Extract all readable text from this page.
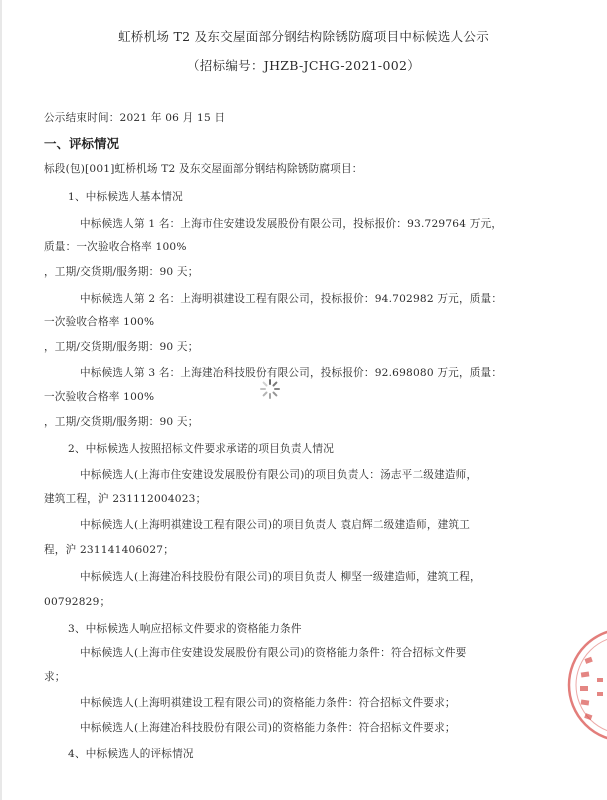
虹桥机场 T2 及东交屋面部分钢结构除锈防腐项目中标候选人公示
（招标编号：JHZB-JCHG-2021-002）
公示结束时间：2021 年 06 月 15 日
一、评标情况
标段(包)[001]虹桥机场 T2 及东交屋面部分钢结构除锈防腐项目：
1、中标候选人基本情况
中标候选人第 1 名：上海市住安建设发展股份有限公司，投标报价：93.729764 万元，
质量：一次验收合格率 100%
，工期/交货期/服务期：90 天；
中标候选人第 2 名：上海明祺建设工程有限公司，投标报价：94.702982 万元，质量：
一次验收合格率 100%
，工期/交货期/服务期：90 天；
中标候选人第 3 名：上海建冶科技股份有限公司，投标报价：92.698080 万元，质量：
一次验收合格率 100%
，工期/交货期/服务期：90 天；
2、中标候选人按照招标文件要求承诺的项目负责人情况
中标候选人(上海市住安建设发展股份有限公司)的项目负责人：汤志平二级建造师，
建筑工程，沪 231112004023；
中标候选人(上海明祺建设工程有限公司)的项目负责人 袁启辉二级建造师，建筑工
程，沪 231141406027；
中标候选人(上海建冶科技股份有限公司)的项目负责人 柳坚一级建造师，建筑工程，
00792829；
3、中标候选人响应招标文件要求的资格能力条件
中标候选人(上海市住安建设发展股份有限公司)的资格能力条件：符合招标文件要
求；
中标候选人(上海明祺建设工程有限公司)的资格能力条件：符合招标文件要求；
中标候选人(上海建冶科技股份有限公司)的资格能力条件：符合招标文件要求；
4、中标候选人的评标情况
